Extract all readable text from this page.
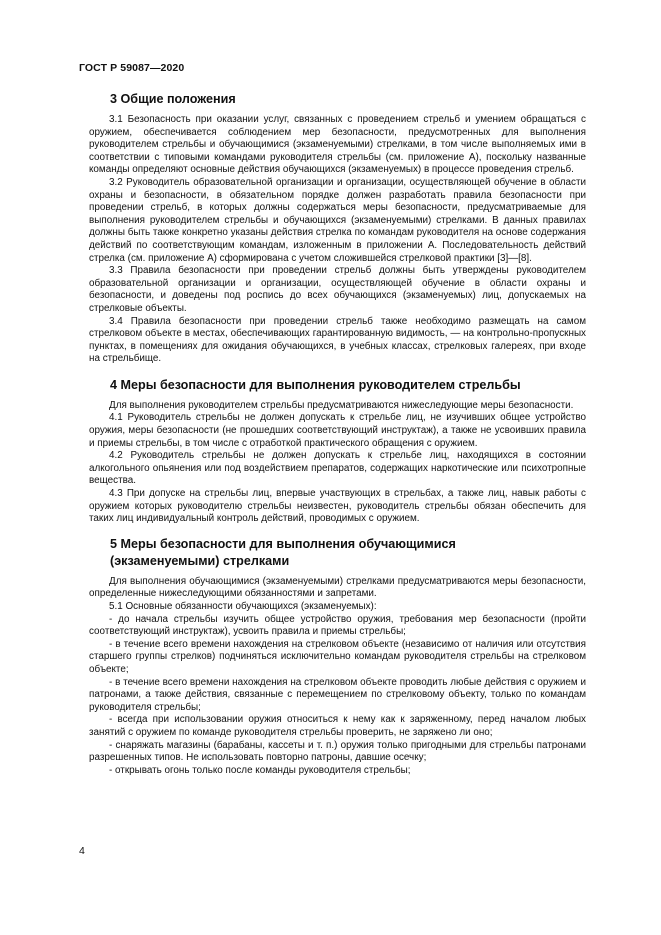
ГОСТ Р 59087—2020
3 Общие положения

3.1 Безопасность при оказании услуг, связанных с проведением стрельб и умением обращаться с оружием, обеспечивается соблюдением мер безопасности, предусмотренных для выполнения руководителем стрельбы и обучающимися (экзаменуемыми) стрелками, в том числе выполняемых ими в соответствии с типовыми командами руководителя стрельбы (см. приложение А), поскольку названные команды определяют основные действия обучающихся (экзаменуемых) в процессе проведения стрельб.

3.2 Руководитель образовательной организации и организации, осуществляющей обучение в области охраны и безопасности, в обязательном порядке должен разработать правила безопасности при проведении стрельб, в которых должны содержаться меры безопасности, предусматриваемые для выполнения руководителем стрельбы и обучающихся (экзаменуемыми) стрелками. В данных правилах должны быть также конкретно указаны действия стрелка по командам руководителя на основе содержания действий по соответствующим командам, изложенным в приложении А. Последовательность действий стрелка (см. приложение А) сформирована с учетом сложившейся стрелковой практики [3]—[8].

3.3 Правила безопасности при проведении стрельб должны быть утверждены руководителем образовательной организации и организации, осуществляющей обучение в области охраны и безопасности, и доведены под роспись до всех обучающихся (экзаменуемых) лиц, допускаемых на стрелковые объекты.

3.4 Правила безопасности при проведении стрельб также необходимо размещать на самом стрелковом объекте в местах, обеспечивающих гарантированную видимость, — на контрольно-пропускных пунктах, в помещениях для ожидания обучающихся, в учебных классах, стрелковых галереях, при входе на стрельбище.

4 Меры безопасности для выполнения руководителем стрельбы

Для выполнения руководителем стрельбы предусматриваются нижеследующие меры безопасности.

4.1 Руководитель стрельбы не должен допускать к стрельбе лиц, не изучивших общее устройство оружия, меры безопасности (не прошедших соответствующий инструктаж), а также не усвоивших правила и приемы стрельбы, в том числе с отработкой практического обращения с оружием.

4.2 Руководитель стрельбы не должен допускать к стрельбе лиц, находящихся в состоянии алкогольного опьянения или под воздействием препаратов, содержащих наркотические или психотропные вещества.

4.3 При допуске на стрельбы лиц, впервые участвующих в стрельбах, а также лиц, навык работы с оружием которых руководителю стрельбы неизвестен, руководитель стрельбы обязан обеспечить для таких лиц индивидуальный контроль действий, проводимых с оружием.

5 Меры безопасности для выполнения обучающимися
(экзаменуемыми) стрелками

Для выполнения обучающимися (экзаменуемыми) стрелками предусматриваются меры безопасности, определенные нижеследующими обязанностями и запретами.

5.1 Основные обязанности обучающихся (экзаменуемых):

- до начала стрельбы изучить общее устройство оружия, требования мер безопасности (пройти соответствующий инструктаж), усвоить правила и приемы стрельбы;

- в течение всего времени нахождения на стрелковом объекте (независимо от наличия или отсутствия старшего группы стрелков) подчиняться исключительно командам руководителя стрельбы на стрелковом объекте;

- в течение всего времени нахождения на стрелковом объекте проводить любые действия с оружием и патронами, а также действия, связанные с перемещением по стрелковому объекту, только по командам руководителя стрельбы;

- всегда при использовании оружия относиться к нему как к заряженному, перед началом любых занятий с оружием по команде руководителя стрельбы проверить, не заряжено ли оно;

- снаряжать магазины (барабаны, кассеты и т. п.) оружия только пригодными для стрельбы патронами разрешенных типов. Не использовать повторно патроны, давшие осечку;

- открывать огонь только после команды руководителя стрельбы;

4
